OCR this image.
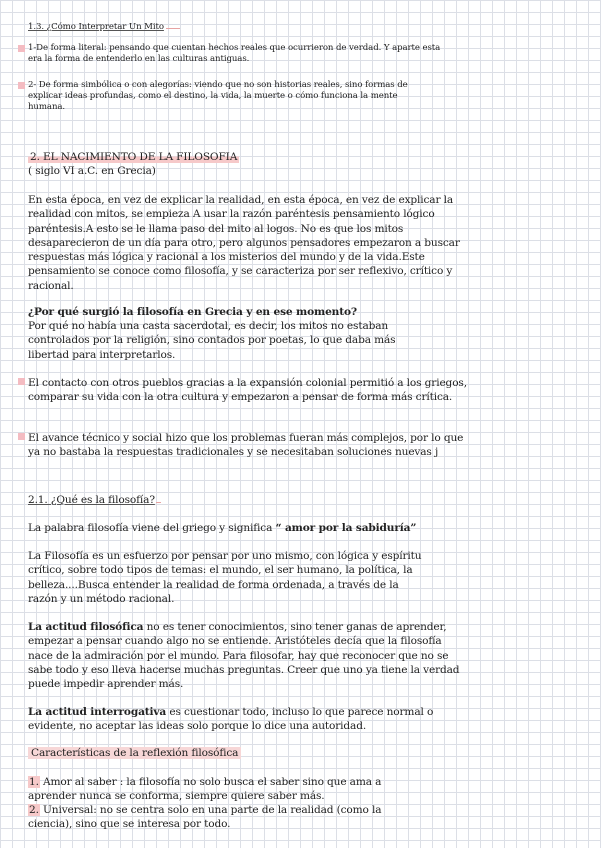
1.3. ¿Cómo Interpretar Un Mito
1-De forma literal: pensando que cuentan hechos reales que ocurrieron de verdad. Y aparte esta era la forma de entenderlo en las culturas antiguas.
2- De forma simbólica o con alegorías: viendo que no son historias reales, sino formas de explicar ideas profundas, como el destino, la vida, la muerte o cómo funciona la mente humana.
2. EL NACIMIENTO DE LA FILOSOFIA
( siglo VI a.C. en Grecia)
En esta época, en vez de explicar la realidad, en esta época, en vez de explicar la realidad con mitos, se empieza A usar la razón paréntesis pensamiento lógico paréntesis.A esto se le llama paso del mito al logos. No es que los mitos desaparecieron de un día para otro, pero algunos pensadores empezaron a buscar respuestas más lógica y racional a los misterios del mundo y de la vida.Este pensamiento se conoce como filosofía, y se caracteriza por ser reflexivo, crítico y racional.
¿Por qué surgió la filosofía en Grecia y en ese momento?
Por qué no había una casta sacerdotal, es decir, los mitos no estaban controlados por la religión, sino contados por poetas, lo que daba más libertad para interpretarlos.
El contacto con otros pueblos gracias a la expansión colonial permitió a los griegos, comparar su vida con la otra cultura y empezaron a pensar de forma más crítica.
El avance técnico y social hizo que los problemas fueran más complejos, por lo que ya no bastaba la respuestas tradicionales y se necesitaban soluciones nuevas j
2.1. ¿Qué es la filosofía?
La palabra filosofía viene del griego y significa “ amor por la sabiduría”
La Filosofía es un esfuerzo por pensar por uno mismo, con lógica y espíritu crítico, sobre todo tipos de temas: el mundo, el ser humano, la política, la belleza....Busca entender la realidad de forma ordenada, a través de la razón y un método racional.
La actitud filosófica no es tener conocimientos, sino tener ganas de aprender, empezar a pensar cuando algo no se entiende. Aristóteles decía que la filosofía nace de la admiración por el mundo. Para filosofar, hay que reconocer que no se sabe todo y eso lleva hacerse muchas preguntas. Creer que uno ya tiene la verdad puede impedir aprender más.
La actitud interrogativa es cuestionar todo, incluso lo que parece normal o evidente, no aceptar las ideas solo porque lo dice una autoridad.
Características de la reflexión filosófica
1. Amor al saber : la filosofía no solo busca el saber sino que ama a aprender nunca se conforma, siempre quiere saber más.
2. Universal: no se centra solo en una parte de la realidad (como la ciencia), sino que se interesa por todo.
